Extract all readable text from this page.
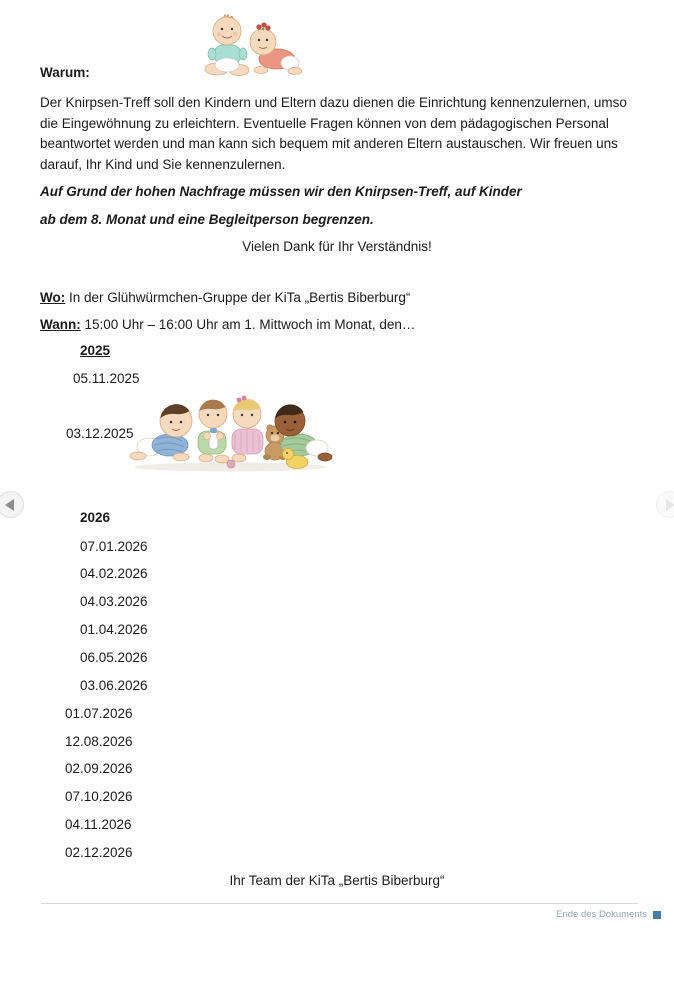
Warum:
Der Knirpsen-Treff soll den Kindern und Eltern dazu dienen die Einrichtung kennenzulernen, umso die Eingewöhnung zu erleichtern. Eventuelle Fragen können von dem pädagogischen Personal beantwortet werden und man kann sich bequem mit anderen Eltern austauschen. Wir freuen uns darauf, Ihr Kind und Sie kennenzulernen.
Auf Grund der hohen Nachfrage müssen wir den Knirpsen-Treff, auf Kinder
ab dem 8. Monat und eine Begleitperson begrenzen.
Vielen Dank für Ihr Verständnis!
Wo: In der Glühwürmchen-Gruppe der KiTa „Bertis Biberburg“
Wann: 15:00 Uhr – 16:00 Uhr am 1. Mittwoch im Monat, den…
2025
05.11.2025
03.12.2025
2026
07.01.2026
04.02.2026
04.03.2026
01.04.2026
06.05.2026
03.06.2026
01.07.2026
12.08.2026
02.09.2026
07.10.2026
04.11.2026
02.12.2026
Ihr Team der KiTa „Bertis Biberburg“
Ende des Dokuments
